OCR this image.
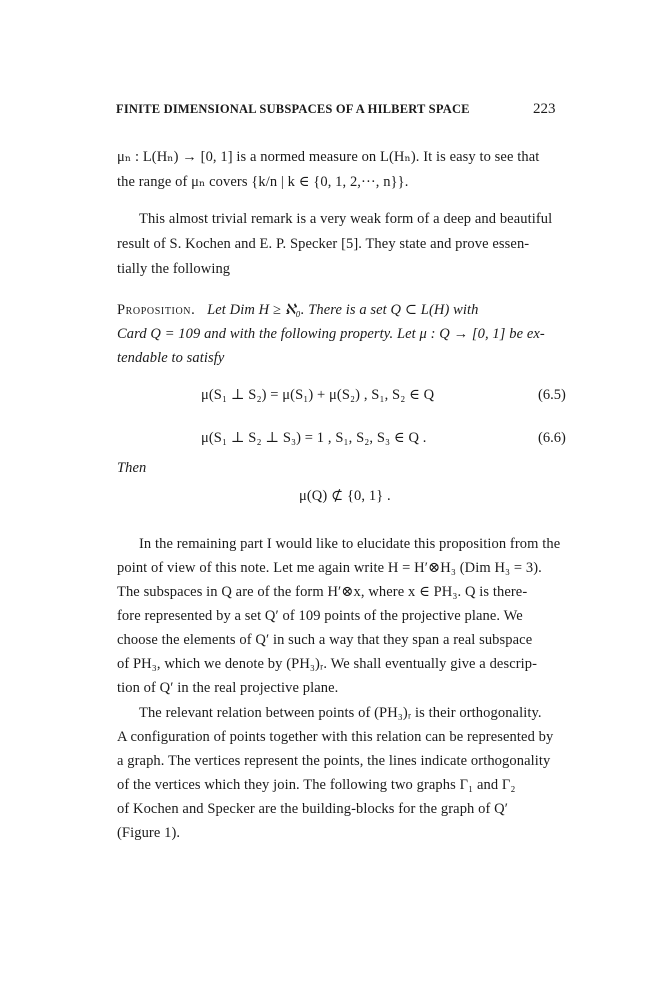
FINITE DIMENSIONAL SUBSPACES OF A HILBERT SPACE	223
μₙ : L(Hₙ) → [0, 1] is a normed measure on L(Hₙ). It is easy to see that
the range of μₙ covers {k/n | k ∈ {0, 1, 2,···, n}}.
This almost trivial remark is a very weak form of a deep and beautiful
result of S. Kochen and E. P. Specker [5]. They state and prove essen-
tially the following
Proposition. Let Dim H ≥ ℵ₀. There is a set Q ⊂ L(H) with
Card Q = 109 and with the following property. Let μ : Q → [0, 1] be ex-
tendable to satisfy
μ(S₁ ⊥ S₂) = μ(S₁) + μ(S₂) , S₁, S₂ ∈ Q	(6.5)
μ(S₁ ⊥ S₂ ⊥ S₃) = 1 , S₁, S₂, S₃ ∈ Q .	(6.6)
Then
μ(Q) ⊄ {0, 1} .
In the remaining part I would like to elucidate this proposition from the
point of view of this note. Let me again write H = H′⊗H₃ (Dim H₃ = 3).
The subspaces in Q are of the form H′⊗x, where x ∈ PH₃. Q is there-
fore represented by a set Q′ of 109 points of the projective plane. We
choose the elements of Q′ in such a way that they span a real subspace
of PH₃, which we denote by (PH₃)ᵣ. We shall eventually give a descrip-
tion of Q′ in the real projective plane.
The relevant relation between points of (PH₃)ᵣ is their orthogonality.
A configuration of points together with this relation can be represented by
a graph. The vertices represent the points, the lines indicate orthogonality
of the vertices which they join. The following two graphs Γ₁ and Γ₂
of Kochen and Specker are the building-blocks for the graph of Q′
(Figure 1).
